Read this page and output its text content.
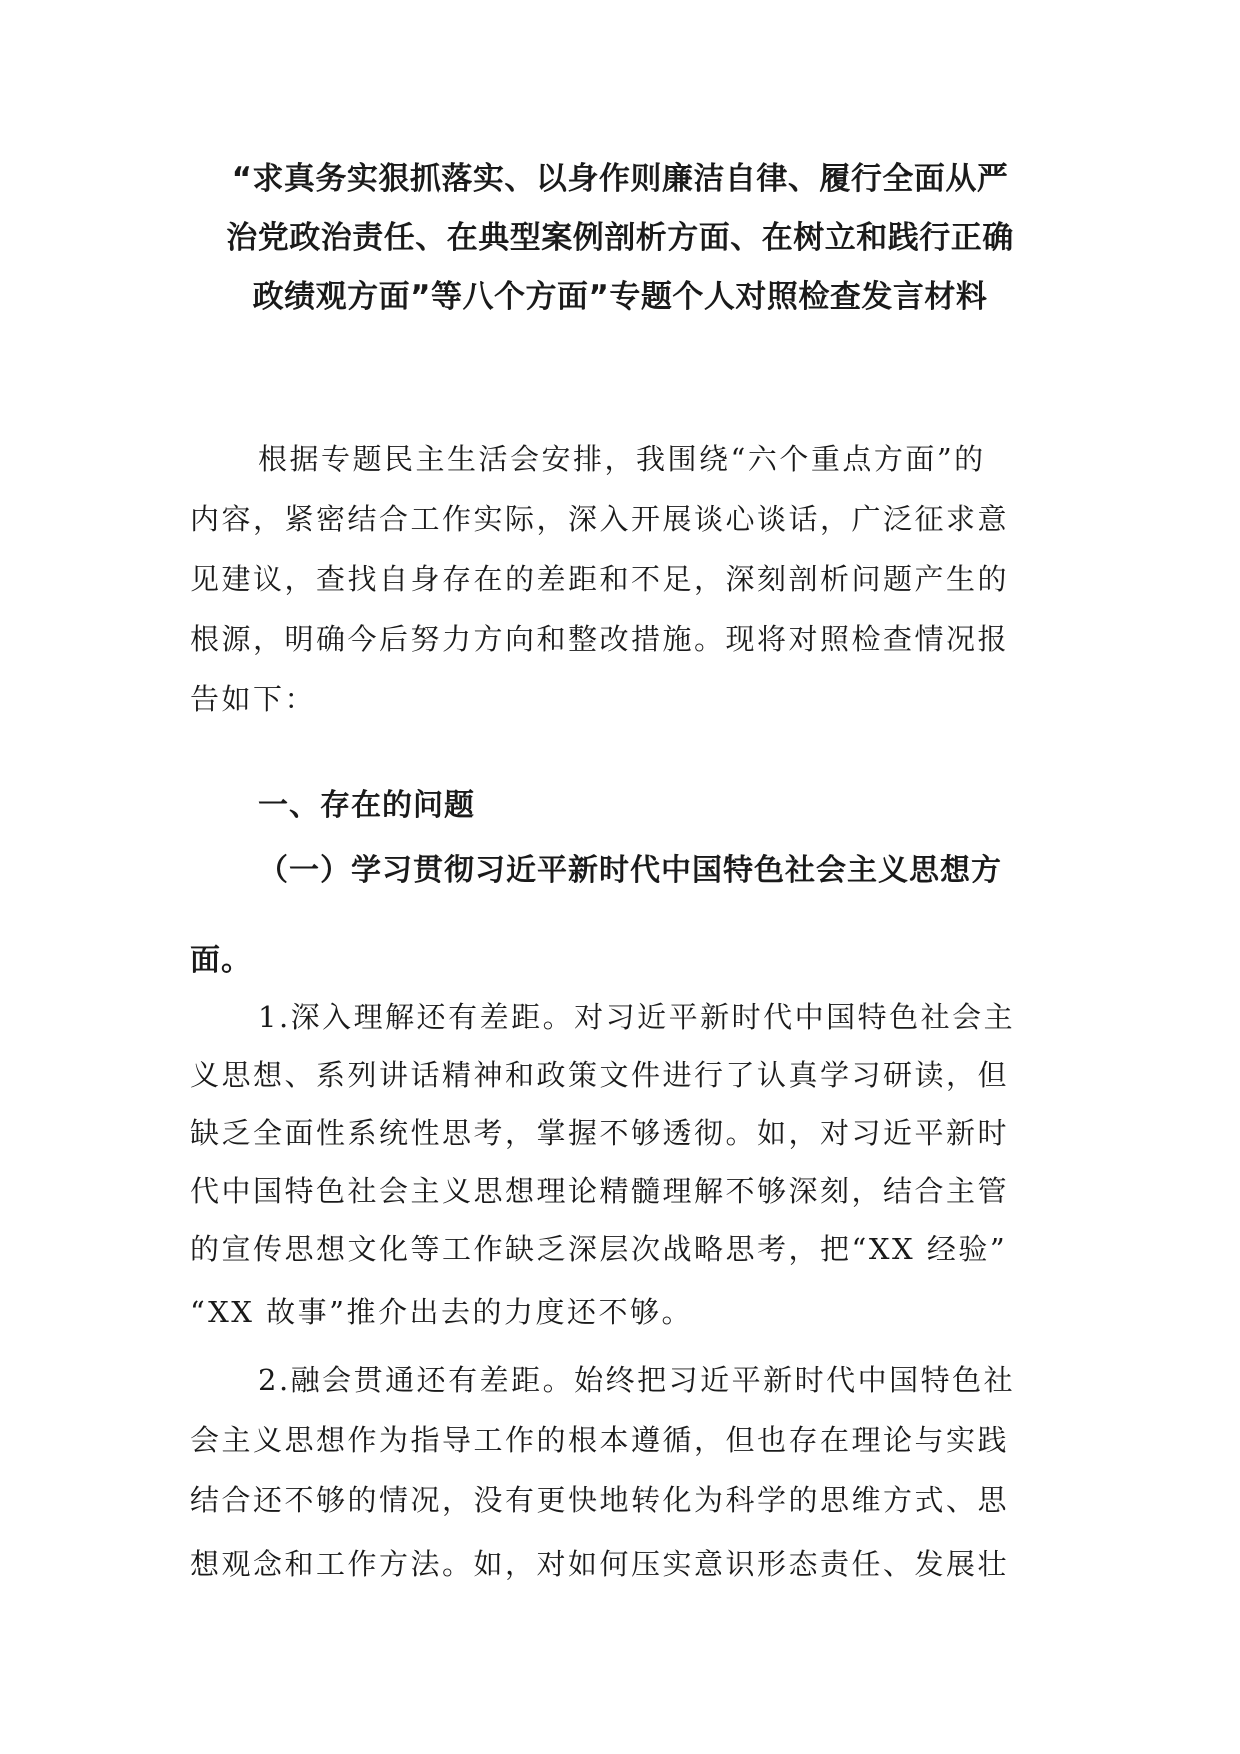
“求真务实狠抓落实、以身作则廉洁自律、履行全面从严
治党政治责任、在典型案例剖析方面、在树立和践行正确
政绩观方面”等八个方面”专题个人对照检查发言材料
根据专题民主生活会安排，我围绕“六个重点方面”的
内容，紧密结合工作实际，深入开展谈心谈话，广泛征求意
见建议，查找自身存在的差距和不足，深刻剖析问题产生的
根源，明确今后努力方向和整改措施。现将对照检查情况报
告如下：
一、存在的问题
（一）学习贯彻习近平新时代中国特色社会主义思想方
面。
1.深入理解还有差距。对习近平新时代中国特色社会主
义思想、系列讲话精神和政策文件进行了认真学习研读，但
缺乏全面性系统性思考，掌握不够透彻。如，对习近平新时
代中国特色社会主义思想理论精髓理解不够深刻，结合主管
的宣传思想文化等工作缺乏深层次战略思考，把“XX 经验”
“XX 故事”推介出去的力度还不够。
2.融会贯通还有差距。始终把习近平新时代中国特色社
会主义思想作为指导工作的根本遵循，但也存在理论与实践
结合还不够的情况，没有更快地转化为科学的思维方式、思
想观念和工作方法。如，对如何压实意识形态责任、发展壮
